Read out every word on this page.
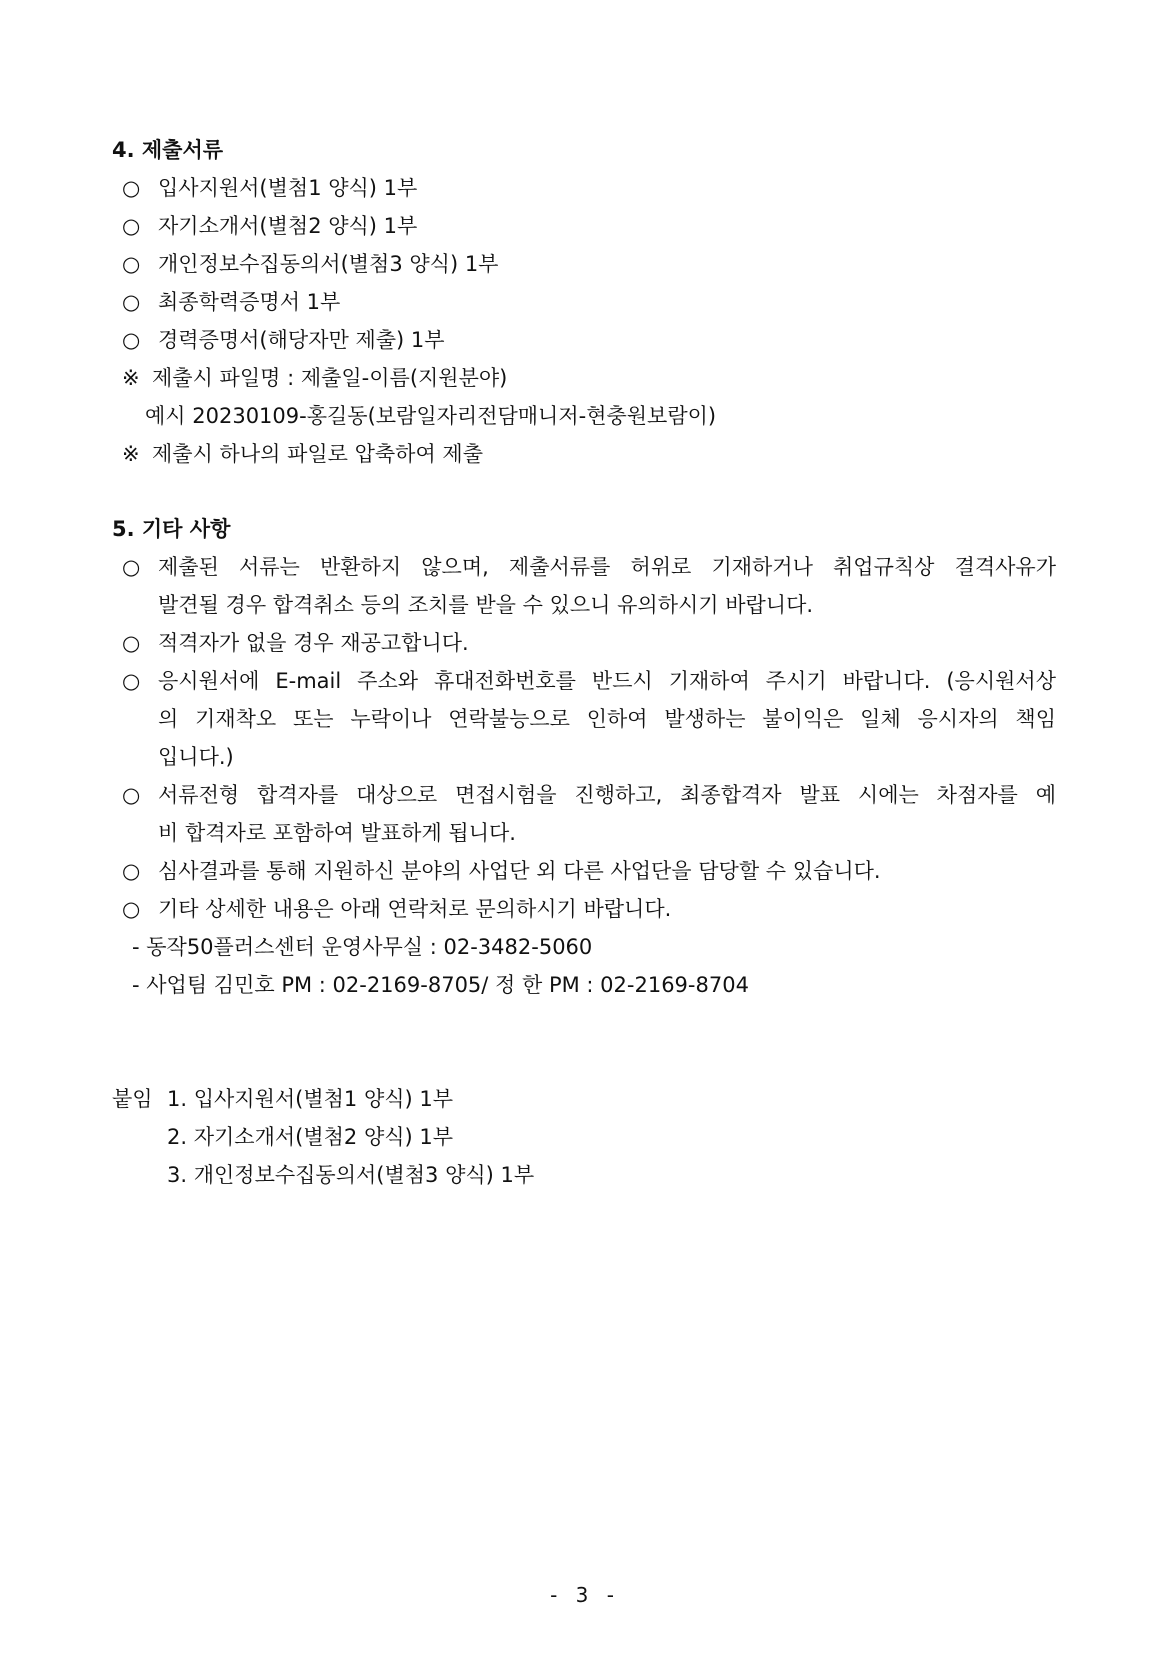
4. 제출서류
○ 입사지원서(별첨1 양식) 1부
○ 자기소개서(별첨2 양식) 1부
○ 개인정보수집동의서(별첨3 양식) 1부
○ 최종학력증명서 1부
○ 경력증명서(해당자만 제출) 1부
※ 제출시 파일명 : 제출일-이름(지원분야)
예시 20230109-홍길동(보람일자리전담매니저-현충원보람이)
※ 제출시 하나의 파일로 압축하여 제출
5. 기타 사항
○ 제출된 서류는 반환하지 않으며, 제출서류를 허위로 기재하거나 취업규칙상 결격사유가
발견될 경우 합격취소 등의 조치를 받을 수 있으니 유의하시기 바랍니다.
○ 적격자가 없을 경우 재공고합니다.
○ 응시원서에 E-mail 주소와 휴대전화번호를 반드시 기재하여 주시기 바랍니다. (응시원서상
의 기재착오 또는 누락이나 연락불능으로 인하여 발생하는 불이익은 일체 응시자의 책임
입니다.)
○ 서류전형 합격자를 대상으로 면접시험을 진행하고, 최종합격자 발표 시에는 차점자를 예
비 합격자로 포함하여 발표하게 됩니다.
○ 심사결과를 통해 지원하신 분야의 사업단 외 다른 사업단을 담당할 수 있습니다.
○ 기타 상세한 내용은 아래 연락처로 문의하시기 바랍니다.
- 동작50플러스센터 운영사무실 : 02-3482-5060
- 사업팀 김민호 PM : 02-2169-8705/ 정 한 PM : 02-2169-8704
붙임 1. 입사지원서(별첨1 양식) 1부
2. 자기소개서(별첨2 양식) 1부
3. 개인정보수집동의서(별첨3 양식) 1부
- 3 -
